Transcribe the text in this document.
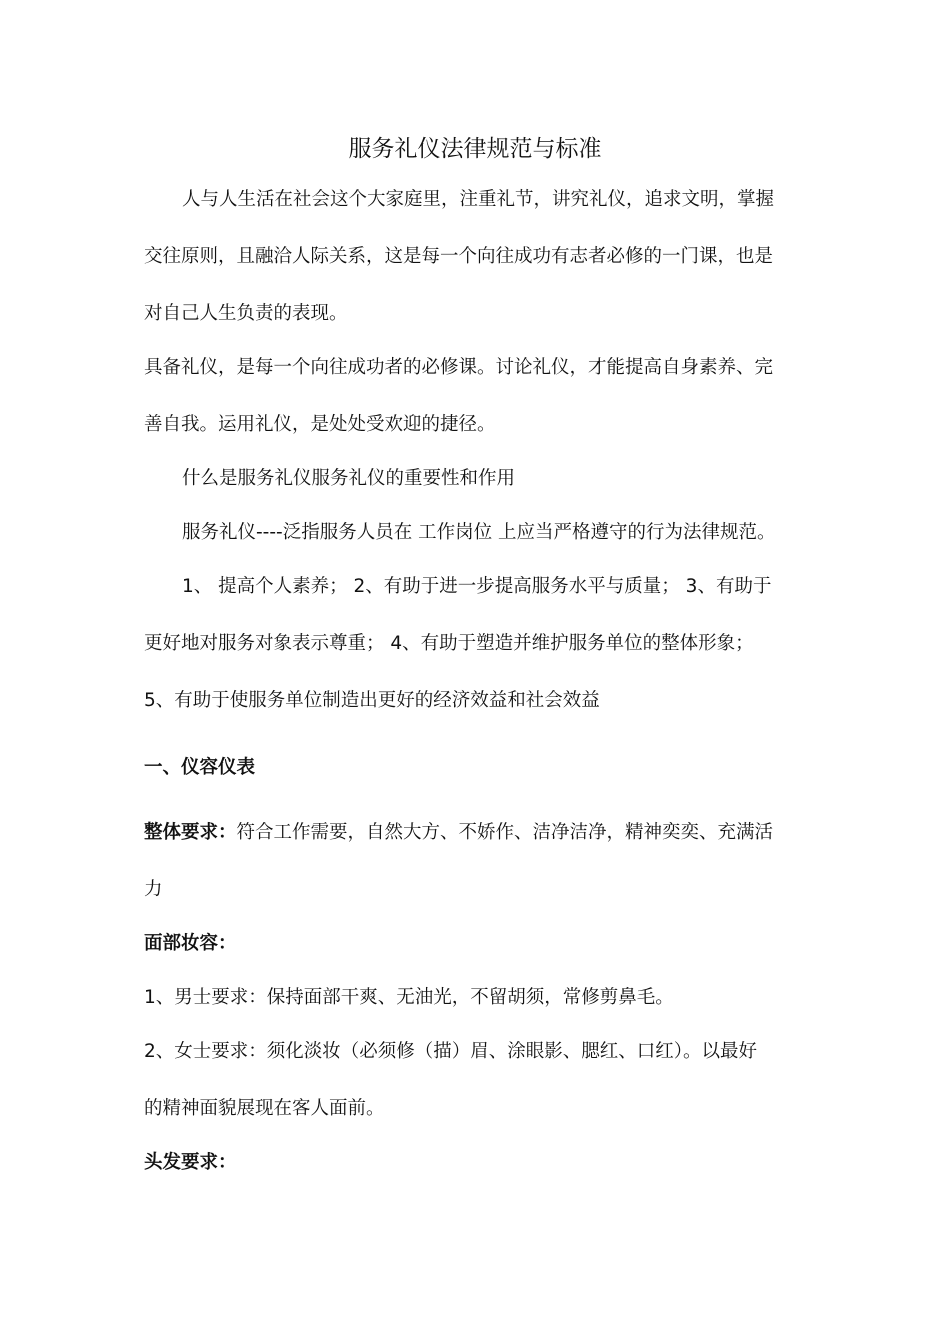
服务礼仪法律规范与标准
人与人生活在社会这个大家庭里，注重礼节，讲究礼仪，追求文明，掌握
交往原则，且融洽人际关系，这是每一个向往成功有志者必修的一门课，也是
对自己人生负责的表现。
具备礼仪，是每一个向往成功者的必修课。讨论礼仪，才能提高自身素养、完
善自我。运用礼仪，是处处受欢迎的捷径。
什么是服务礼仪服务礼仪的重要性和作用
服务礼仪----泛指服务人员在 工作岗位 上应当严格遵守的行为法律规范。
1、 提高个人素养； 2、有助于进一步提高服务水平与质量； 3、有助于
更好地对服务对象表示尊重； 4、有助于塑造并维护服务单位的整体形象；
5、有助于使服务单位制造出更好的经济效益和社会效益
一、仪容仪表
整体要求：符合工作需要，自然大方、不娇作、洁净洁净，精神奕奕、充满活
力
面部妆容：
1、男士要求：保持面部干爽、无油光，不留胡须，常修剪鼻毛。
2、女士要求：须化淡妆（必须修（描）眉、涂眼影、腮红、口红）。以最好
的精神面貌展现在客人面前。
头发要求：
